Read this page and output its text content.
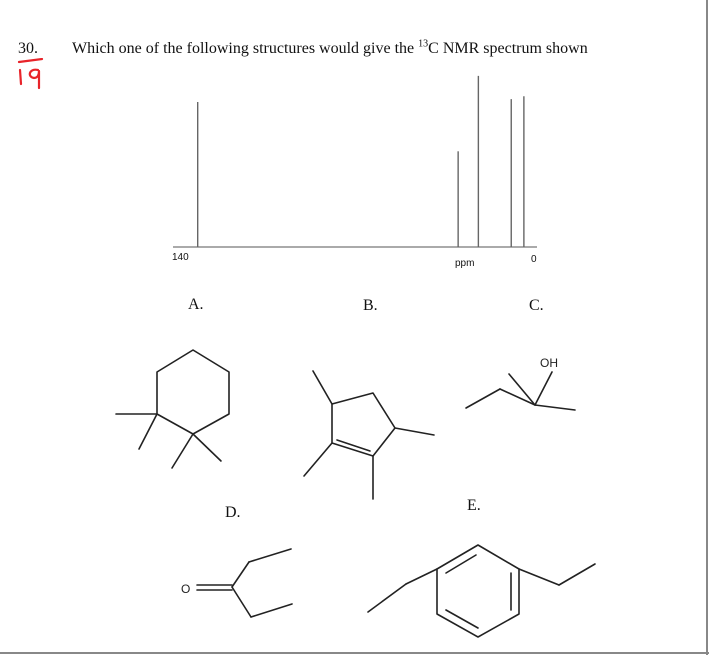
30. Which one of the following structures would give the $^{13}$C NMR spectrum shown
140
ppm	0
A.	B.	C.
D.	E.
OH
O
